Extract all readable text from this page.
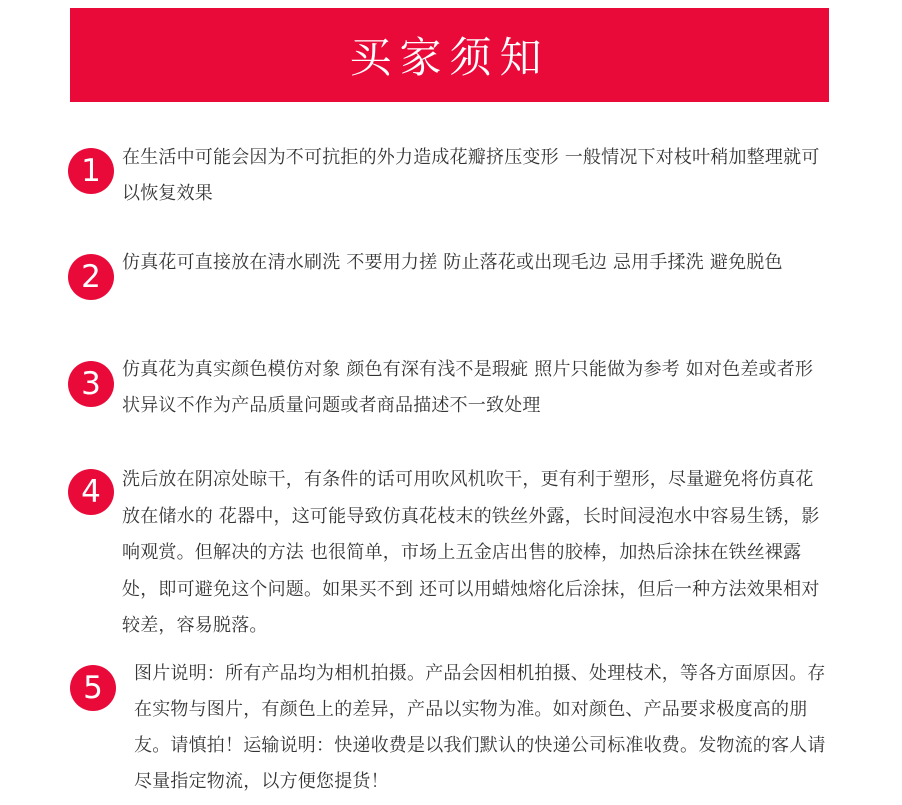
买家须知
1	在生活中可能会因为不可抗拒的外力造成花瓣挤压变形 一般情况下对枝叶稍加整理就可以恢复效果

2	仿真花可直接放在清水刷洗 不要用力搓 防止落花或出现毛边 忌用手揉洗 避免脱色

3	仿真花为真实颜色模仿对象 颜色有深有浅不是瑕疵 照片只能做为参考 如对色差或者形状异议不作为产品质量问题或者商品描述不一致处理

4	洗后放在阴凉处晾干，有条件的话可用吹风机吹干，更有利于塑形，尽量避免将仿真花放在储水的 花器中，这可能导致仿真花枝末的铁丝外露，长时间浸泡水中容易生锈，影响观赏。但解决的方法 也很简单，市场上五金店出售的胶棒，加热后涂抹在铁丝裸露处，即可避免这个问题。如果买不到 还可以用蜡烛熔化后涂抹，但后一种方法效果相对较差，容易脱落。

5	图片说明：所有产品均为相机拍摄。产品会因相机拍摄、处理枝术，等各方面原因。存在实物与图片，有颜色上的差异，产品以实物为准。如对颜色、产品要求极度高的朋友。请慎拍！运输说明：快递收费是以我们默认的快递公司标准收费。发物流的客人请尽量指定物流，以方便您提货！
